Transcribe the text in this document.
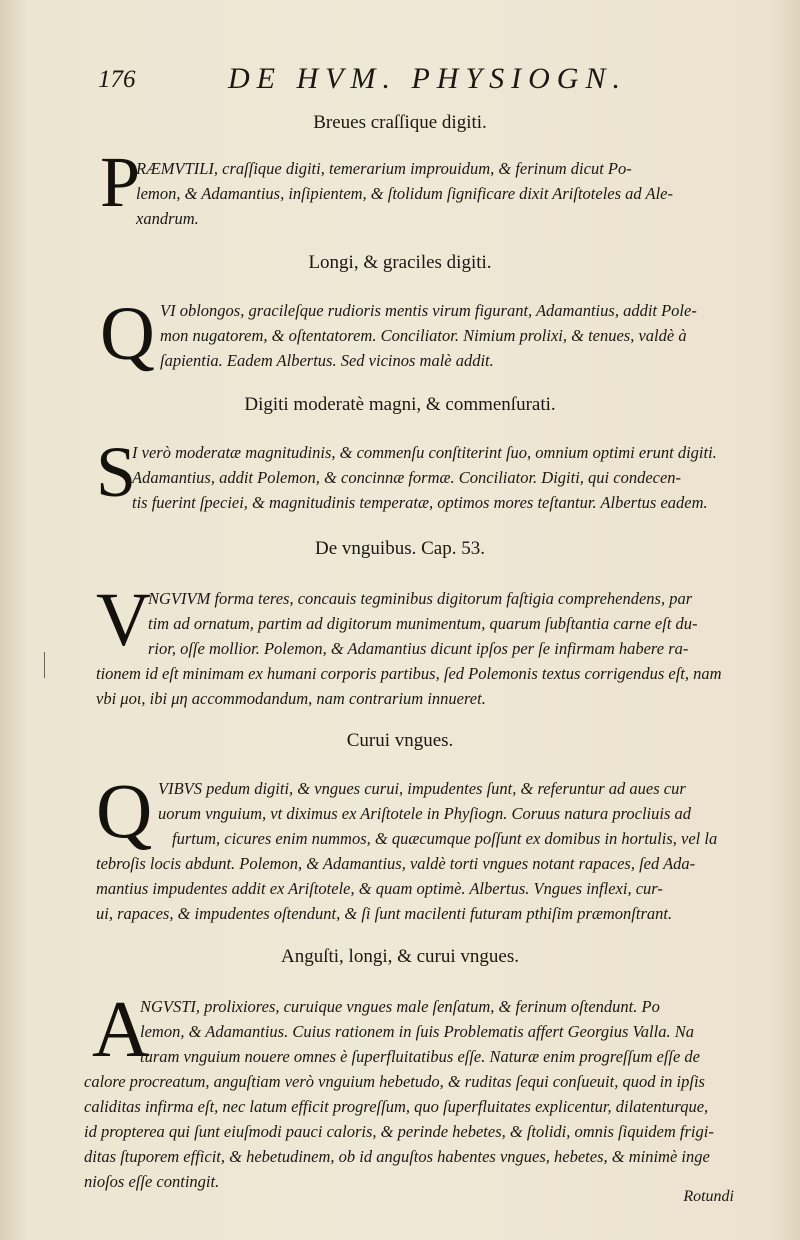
176	DE HVM. PHYSIOGN.
Breues craſſique digiti.
P

RÆMVTILI, craſſique digiti, temerarium improuidum, & ferinum dicut Po-

lemon, & Adamantius, inſipientem, & ſtolidum ſignificare dixit Ariſtoteles ad Ale-

xandrum.

Longi, & graciles digiti.
Q VI oblongos, gracileſque rudioris mentis virum figurant, Adamantius, addit Pole-

mon nugatorem, & oſtentatorem. Conciliator. Nimium prolixi, & tenues, valdè à

ſapientia. Eadem Albertus. Sed vicinos malè addit.

Digiti moderatè magni, & commenſurati.
S

I verò moderatæ magnitudinis, & commenſu conſtiterint ſuo, omnium optimi erunt digiti.

Adamantius, addit Polemon, & concinnæ formæ. Conciliator. Digiti, qui condecen-

tis fuerint ſpeciei, & magnitudinis temperatæ, optimos mores teſtantur. Albertus eadem.

De vnguibus. Cap. 53.
V

NGVIVM forma teres, concauis tegminibus digitorum faſtigia comprehendens, par

tim ad ornatum, partim ad digitorum munimentum, quarum ſubſtantia carne eſt du-

rior, oſſe mollior. Polemon, & Adamantius dicunt ipſos per ſe infirmam habere ra-

tionem id eſt minimam ex humani corporis partibus, ſed Polemonis textus corrigendus eſt, nam

vbi μοι, ibi μη accommodandum, nam contrarium innueret.

Curui vngues.
Q VIBVS pedum digiti, & vngues curui, impudentes ſunt, & referuntur ad aues cur

uorum vnguium, vt diximus ex Ariſtotele in Phyſiogn. Coruus natura procliuis ad

furtum, cicures enim nummos, & quæcumque poſſunt ex domibus in hortulis, vel la

tebroſis locis abdunt. Polemon, & Adamantius, valdè torti vngues notant rapaces, ſed Ada-

mantius impudentes addit ex Ariſtotele, & quam optimè. Albertus. Vngues inflexi, cur-

ui, rapaces, & impudentes oſtendunt, & ſi ſunt macilenti futuram pthiſim præmonſtrant.

Anguſti, longi, & curui vngues.
A

NGVSTI, prolixiores, curuique vngues male ſenſatum, & ferinum oſtendunt. Po

lemon, & Adamantius. Cuius rationem in ſuis Problematis affert Georgius Valla. Na

turam vnguium nouere omnes è ſuperfluitatibus eſſe. Naturæ enim progreſſum eſſe de

calore procreatum, anguſtiam verò vnguium hebetudo, & ruditas ſequi conſueuit, quod in ipſis

caliditas infirma eſt, nec latum efficit progreſſum, quo ſuperfluitates explicentur, dilatenturque,

id propterea qui ſunt eiuſmodi pauci caloris, & perinde hebetes, & ſtolidi, omnis ſiquidem frigi-

ditas ſtuporem efficit, & hebetudinem, ob id anguſtos habentes vngues, hebetes, & minimè inge

nioſos eſſe contingit.

Rotundi
